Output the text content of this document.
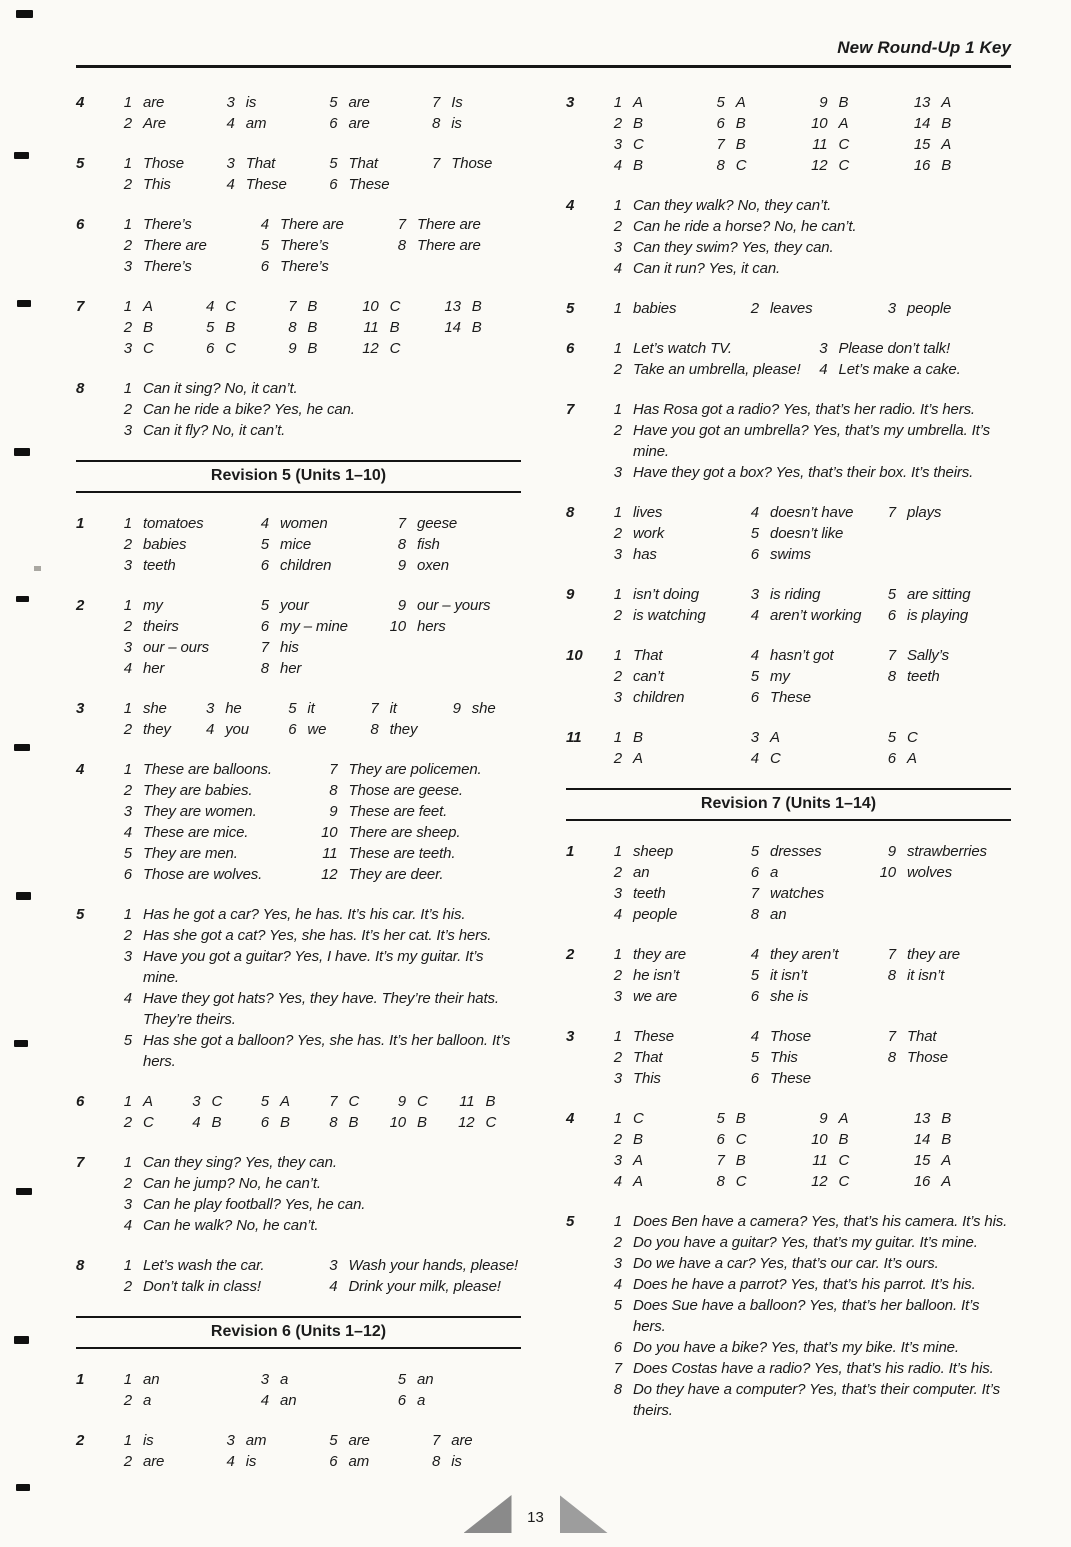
New Round-Up 1 Key
4	1 are	3 is	5 are	7 Is
2 Are	4 am	6 are	8 is
5	1 Those	3 That	5 That	7 Those
2 This	4 These	6 These
6	1 There’s	4 There are	7 There are
2 There are	5 There’s	8 There are
3 There’s	6 There’s
7	1 A	4 C	7 B	10 C	13 B
2 B	5 B	8 B	11 B	14 B
3 C	6 C	9 B	12 C
8	1 Can it sing? No, it can’t.
2 Can he ride a bike? Yes, he can.
3 Can it fly? No, it can’t.
Revision 5 (Units 1–10)
1	1 tomatoes	4 women	7 geese
2 babies	5 mice	8 fish
3 teeth	6 children	9 oxen
2	1 my	5 your	9 our – yours
2 theirs	6 my – mine	10 hers
3 our – ours	7 his
4 her	8 her
3	1 she	3 he	5 it	7 it	9 she
2 they	4 you	6 we	8 they
4	1 These are balloons.	7 They are policemen.
2 They are babies.	8 Those are geese.
3 They are women.	9 These are feet.
4 These are mice.	10 There are sheep.
5 They are men.	11 These are teeth.
6 Those are wolves.	12 They are deer.
5	1 Has he got a car? Yes, he has. It’s his car. It’s his.
2 Has she got a cat? Yes, she has. It’s her cat. It’s hers.
3 Have you got a guitar? Yes, I have. It’s my guitar. It’s mine.
4 Have they got hats? Yes, they have. They’re their hats. They’re theirs.
5 Has she got a balloon? Yes, she has. It’s her balloon. It’s hers.
6	1 A	3 C	5 A	7 C	9 C	11 B
2 C	4 B	6 B	8 B	10 B	12 C
7	1 Can they sing? Yes, they can.
2 Can he jump? No, he can’t.
3 Can he play football? Yes, he can.
4 Can he walk? No, he can’t.
8	1 Let’s wash the car.	3 Wash your hands, please!
2 Don’t talk in class!	4 Drink your milk, please!
Revision 6 (Units 1–12)
1	1 an	3 a	5 an
2 a	4 an	6 a
2	1 is	3 am	5 are	7 are
2 are	4 is	6 am	8 is
3	1 A	5 A	9 B	13 A
2 B	6 B	10 A	14 B
3 C	7 B	11 C	15 A
4 B	8 C	12 C	16 B
4	1 Can they walk? No, they can’t.
2 Can he ride a horse? No, he can’t.
3 Can they swim? Yes, they can.
4 Can it run? Yes, it can.
5	1 babies	2 leaves	3 people
6	1 Let’s watch TV.	3 Please don’t talk!
2 Take an umbrella, please!	4 Let’s make a cake.
7	1 Has Rosa got a radio? Yes, that’s her radio. It’s hers.
2 Have you got an umbrella? Yes, that’s my umbrella. It’s mine.
3 Have they got a box? Yes, that’s their box. It’s theirs.
8	1 lives	4 doesn’t have	7 plays
2 work	5 doesn’t like
3 has	6 swims
9	1 isn’t doing	3 is riding	5 are sitting
2 is watching	4 aren’t working	6 is playing
10	1 That	4 hasn’t got	7 Sally’s
2 can’t	5 my	8 teeth
3 children	6 These
11	1 B	3 A	5 C
2 A	4 C	6 A
Revision 7 (Units 1–14)
1	1 sheep	5 dresses	9 strawberries
2 an	6 a	10 wolves
3 teeth	7 watches
4 people	8 an
2	1 they are	4 they aren’t	7 they are
2 he isn’t	5 it isn’t	8 it isn’t
3 we are	6 she is
3	1 These	4 Those	7 That
2 That	5 This	8 Those
3 This	6 These
4	1 C	5 B	9 A	13 B
2 B	6 C	10 B	14 B
3 A	7 B	11 C	15 A
4 A	8 C	12 C	16 A
5	1 Does Ben have a camera? Yes, that’s his camera. It’s his.
2 Do you have a guitar? Yes, that’s my guitar. It’s mine.
3 Do we have a car? Yes, that’s our car. It’s ours.
4 Does he have a parrot? Yes, that’s his parrot. It’s his.
5 Does Sue have a balloon? Yes, that’s her balloon. It’s hers.
6 Do you have a bike? Yes, that’s my bike. It’s mine.
7 Does Costas have a radio? Yes, that’s his radio. It’s his.
8 Do they have a computer? Yes, that’s their computer. It’s theirs.
13
